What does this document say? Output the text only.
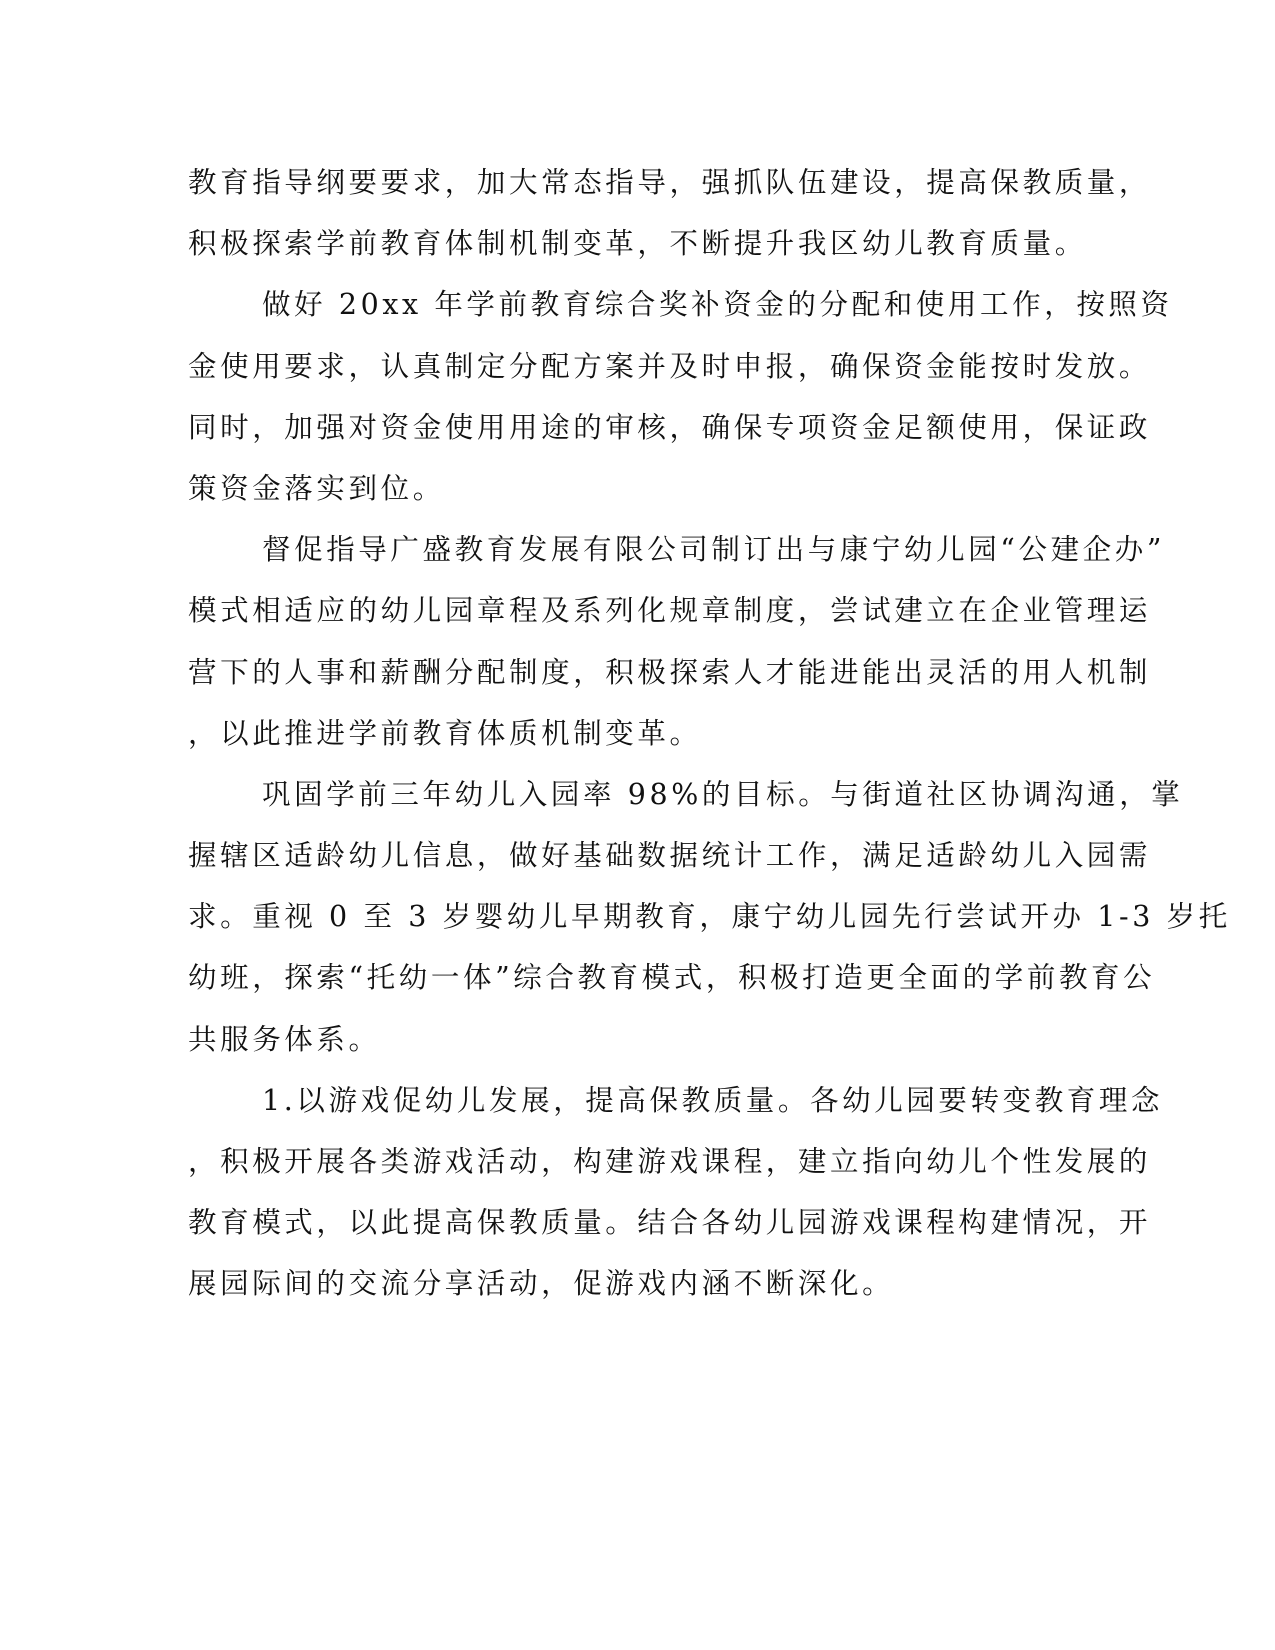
教育指导纲要要求，加大常态指导，强抓队伍建设，提高保教质量，
积极探索学前教育体制机制变革，不断提升我区幼儿教育质量。
做好 20xx 年学前教育综合奖补资金的分配和使用工作，按照资
金使用要求，认真制定分配方案并及时申报，确保资金能按时发放。
同时，加强对资金使用用途的审核，确保专项资金足额使用，保证政
策资金落实到位。
督促指导广盛教育发展有限公司制订出与康宁幼儿园“公建企办”
模式相适应的幼儿园章程及系列化规章制度，尝试建立在企业管理运
营下的人事和薪酬分配制度，积极探索人才能进能出灵活的用人机制
，以此推进学前教育体质机制变革。
巩固学前三年幼儿入园率 98%的目标。与街道社区协调沟通，掌
握辖区适龄幼儿信息，做好基础数据统计工作，满足适龄幼儿入园需
求。重视 0 至 3 岁婴幼儿早期教育，康宁幼儿园先行尝试开办 1-3 岁托
幼班，探索“托幼一体”综合教育模式，积极打造更全面的学前教育公
共服务体系。
1.以游戏促幼儿发展，提高保教质量。各幼儿园要转变教育理念
，积极开展各类游戏活动，构建游戏课程，建立指向幼儿个性发展的
教育模式，以此提高保教质量。结合各幼儿园游戏课程构建情况，开
展园际间的交流分享活动，促游戏内涵不断深化。
